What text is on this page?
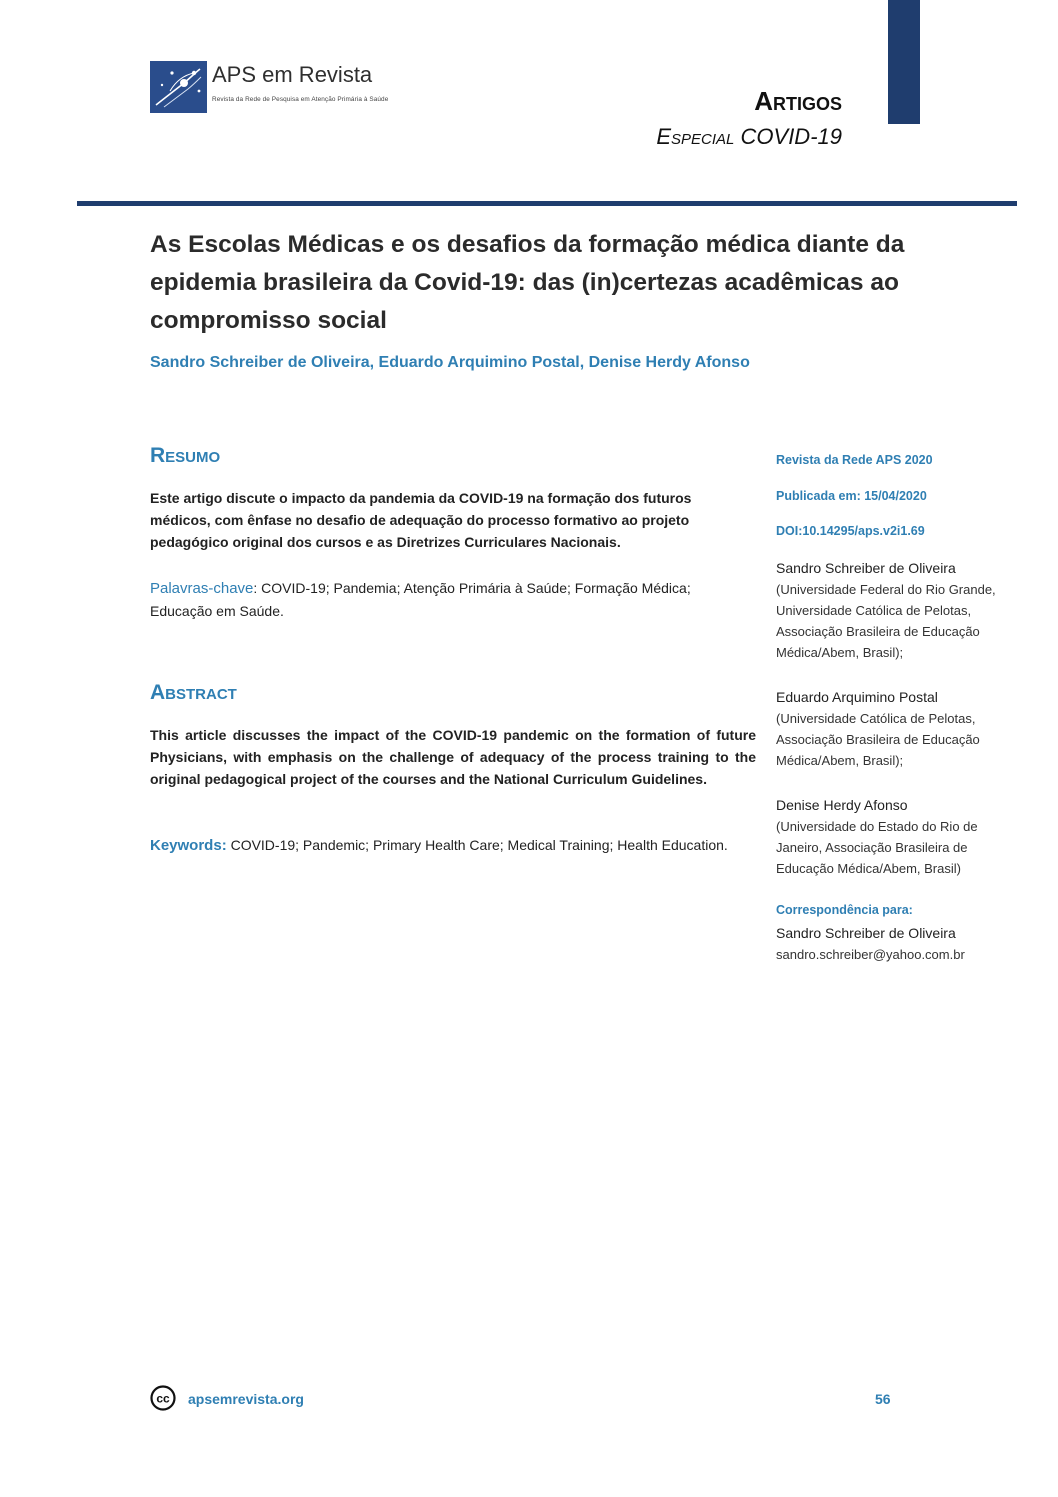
APS em Revista
Revista da Rede de Pesquisa em Atenção Primária à Saúde	Artigos
Especial COVID-19
As Escolas Médicas e os desafios da formação médica diante da epidemia brasileira da Covid-19: das (in)certezas acadêmicas ao compromisso social
Sandro Schreiber de Oliveira, Eduardo Arquimino Postal, Denise Herdy Afonso
Resumo

Este artigo discute o impacto da pandemia da COVID-19 na formação dos futuros médicos, com ênfase no desafio de adequação do processo formativo ao projeto pedagógico original dos cursos e as Diretrizes Curriculares Nacionais.

Palavras-chave: COVID-19; Pandemia; Atenção Primária à Saúde; Formação Médica; Educação em Saúde.

Abstract

This article discusses the impact of the COVID-19 pandemic on the formation of future Physicians, with emphasis on the challenge of adequacy of the process training to the original pedagogical project of the courses and the National Curriculum Guidelines.

Keywords: COVID-19; Pandemic; Primary Health Care; Medical Training; Health Education.

Revista da Rede APS 2020
Publicada em: 15/04/2020
DOI:10.14295/aps.v2i1.69
Sandro Schreiber de Oliveira
(Universidade Federal do Rio Grande, Universidade Católica de Pelotas, Associação Brasileira de Educação Médica/Abem, Brasil);
Eduardo Arquimino Postal
(Universidade Católica de Pelotas, Associação Brasileira de Educação Médica/Abem, Brasil);
Denise Herdy Afonso
(Universidade do Estado do Rio de Janeiro, Associação Brasileira de Educação Médica/Abem, Brasil)
Correspondência para:
Sandro Schreiber de Oliveira
sandro.schreiber@yahoo.com.br
cc apsemrevista.org	56
